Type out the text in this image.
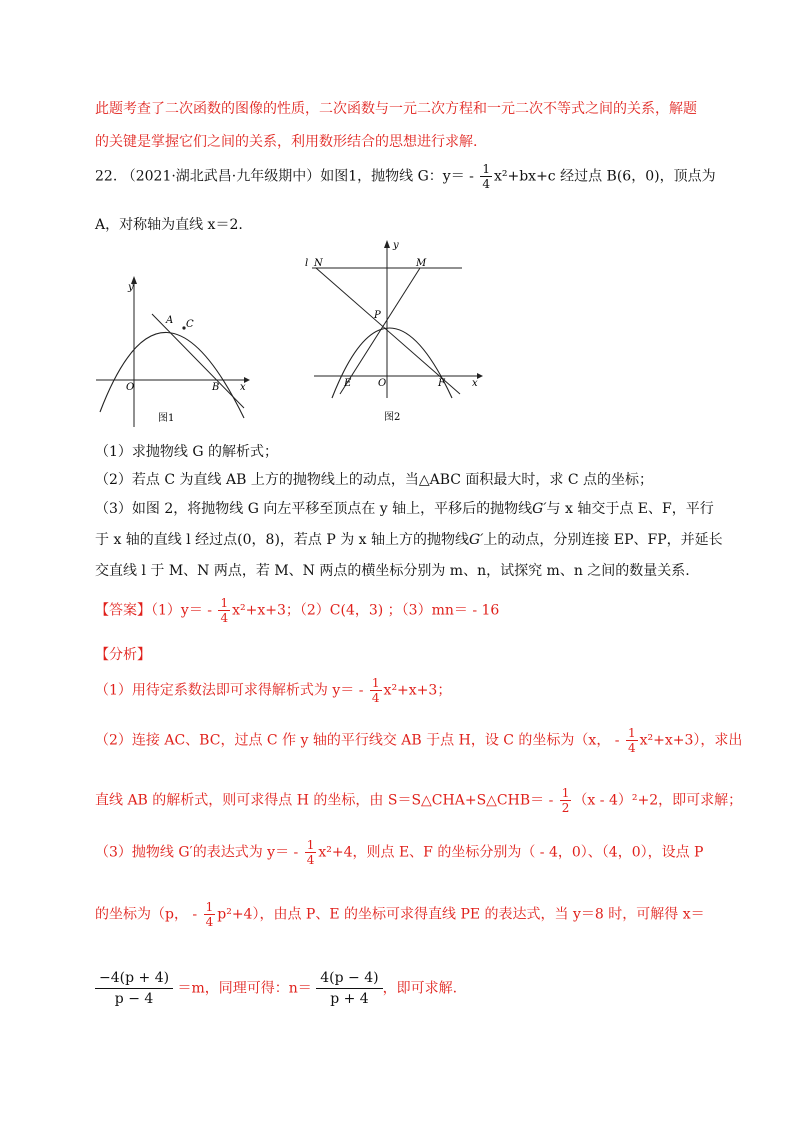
此题考查了二次函数的图像的性质，二次函数与一元二次方程和一元二次不等式之间的关系，解题
的关键是掌握它们之间的关系，利用数形结合的思想进行求解.
22. （2021·湖北武昌·九年级期中）如图1，抛物线 G：$y= - \frac{1}{4} x^2+bx+c$ 经过点 B(6，0)，顶点为
A，对称轴为直线 x＝2.
y
x
O
A C
B
图1
y
x
O
P
E	F
M
N
l
图2
（1）求抛物线 G 的解析式；
（2）若点 C 为直线 AB 上方的抛物线上的动点，当△ABC 面积最大时，求 C 点的坐标；
（3）如图 2，将抛物线 G 向左平移至顶点在 y 轴上，平移后的抛物线G′与 x 轴交于点 E、F，平行
于 x 轴的直线 l 经过点(0，8)，若点 P 为 x 轴上方的抛物线G′上的动点，分别连接 EP、FP，并延长
交直线 l 于 M、N 两点，若 M、N 两点的横坐标分别为 m、n，试探究 m、n 之间的数量关系.
【答案】$(1)y= - \frac{1}{4} x^2+x+3$；（2）C(4，3) ；（3）mn＝ - 16
【分析】
（1）用待定系数法即可求得解析式为 $y= - \frac{1}{4} x^2+x+3$；
（2）连接 AC、BC，过点 C 作 y 轴的平行线交 AB 于点 H，设 C 的坐标为（x， - $\frac{1}{4} x^2+x+3$），求出
直线 AB 的解析式，则可求得点 H 的坐标，由 S＝S△CHA+S△CHB＝ - $\frac{1}{2} (x - 4)^2+2$，即可求解；
（3）抛物线 G′的表达式为 $y= - \frac{1}{4} x^2+4$，则点 E、F 的坐标分别为（ - 4，0）、（4，0），设点 P
的坐标为（p， - $\frac{1}{4} p^2+4$），由点 P、E 的坐标可求得直线 PE 的表达式，当 y＝8 时，可解得 x＝
$\frac{-4(p + 4)}{p - 4} =m$，同理可得：$n= \frac{4(p - 4)}{p + 4}$ ，即可求解.
